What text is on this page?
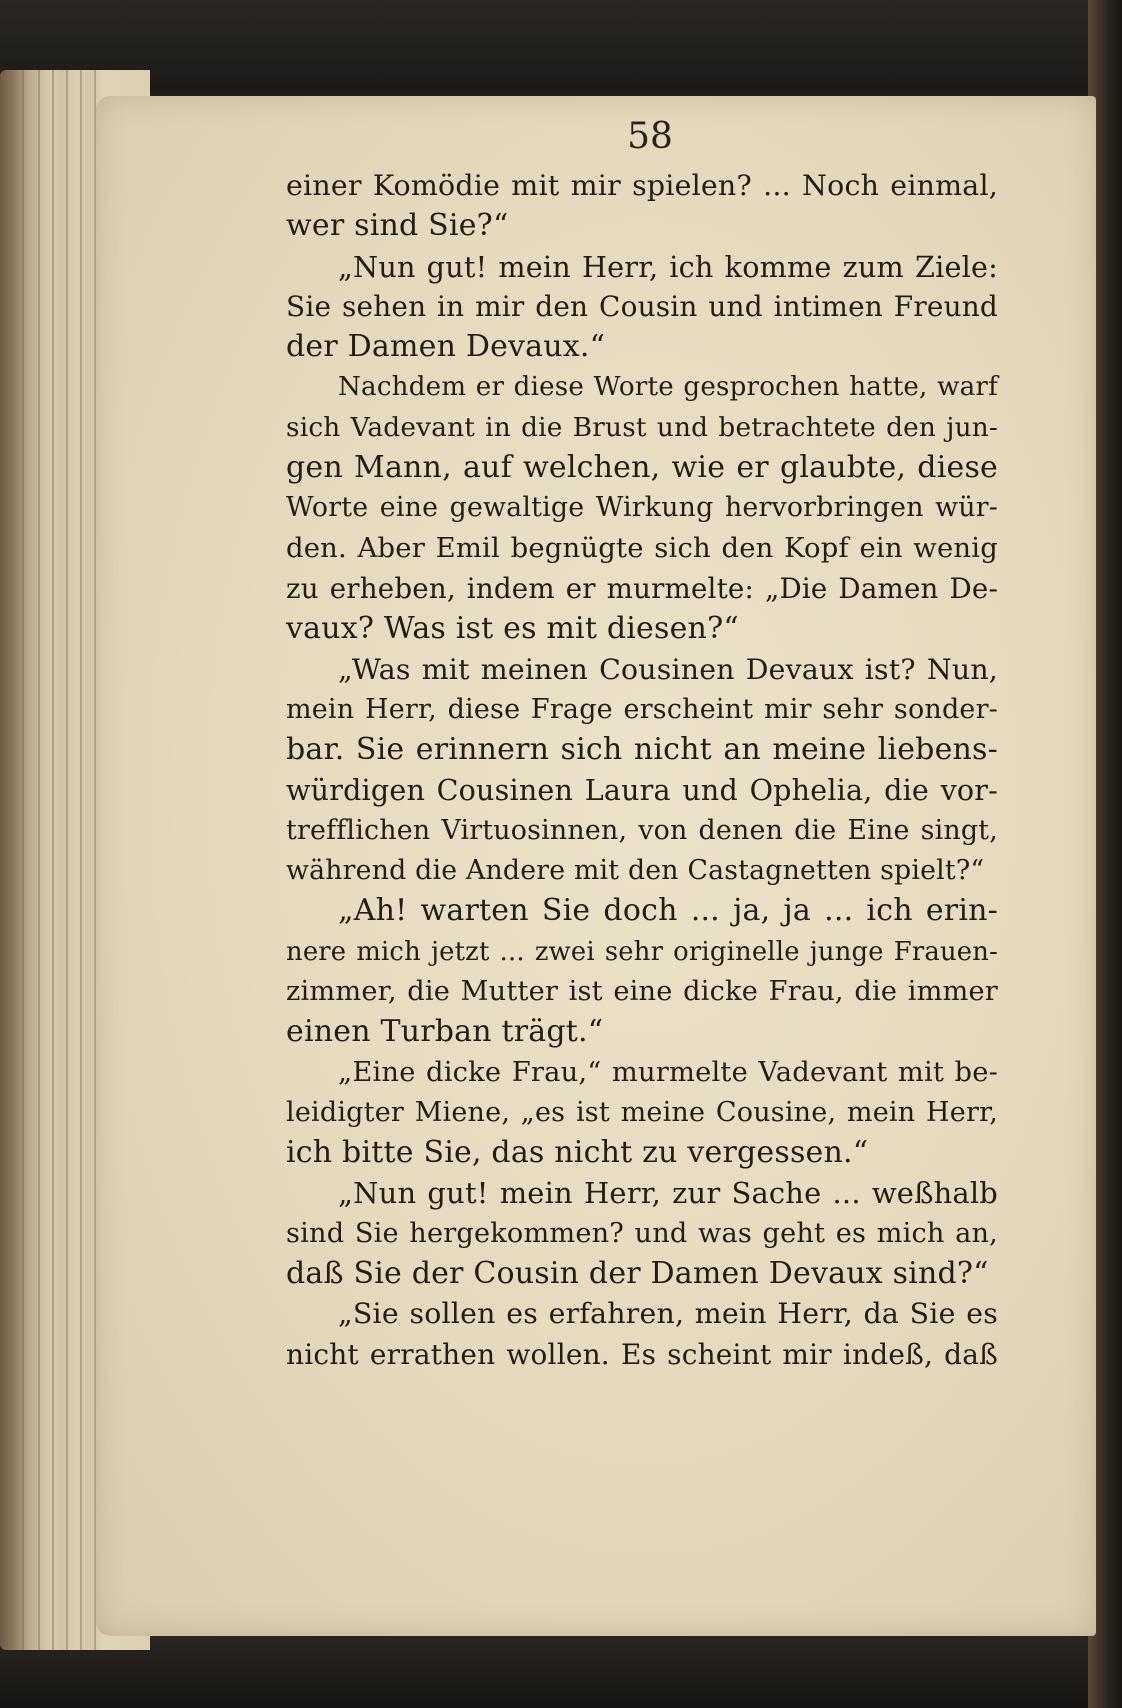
58
einer Komödie mit mir spielen? ... Noch einmal,
wer sind Sie?“
„Nun gut! mein Herr, ich komme zum Ziele:
Sie sehen in mir den Cousin und intimen Freund
der Damen Devaux.“
Nachdem er diese Worte gesprochen hatte, warf
sich Vadevant in die Brust und betrachtete den jun-
gen Mann, auf welchen, wie er glaubte, diese
Worte eine gewaltige Wirkung hervorbringen wür-
den. Aber Emil begnügte sich den Kopf ein wenig
zu erheben, indem er murmelte: „Die Damen De-
vaux? Was ist es mit diesen?“
„Was mit meinen Cousinen Devaux ist? Nun,
mein Herr, diese Frage erscheint mir sehr sonder-
bar. Sie erinnern sich nicht an meine liebens-
würdigen Cousinen Laura und Ophelia, die vor-
trefflichen Virtuosinnen, von denen die Eine singt,
während die Andere mit den Castagnetten spielt?“
„Ah! warten Sie doch ... ja, ja ... ich erin-
nere mich jetzt ... zwei sehr originelle junge Frauen-
zimmer, die Mutter ist eine dicke Frau, die immer
einen Turban trägt.“
„Eine dicke Frau,“ murmelte Vadevant mit be-
leidigter Miene, „es ist meine Cousine, mein Herr,
ich bitte Sie, das nicht zu vergessen.“
„Nun gut! mein Herr, zur Sache ... weßhalb
sind Sie hergekommen? und was geht es mich an,
daß Sie der Cousin der Damen Devaux sind?“
„Sie sollen es erfahren, mein Herr, da Sie es
nicht errathen wollen. Es scheint mir indeß, daß
